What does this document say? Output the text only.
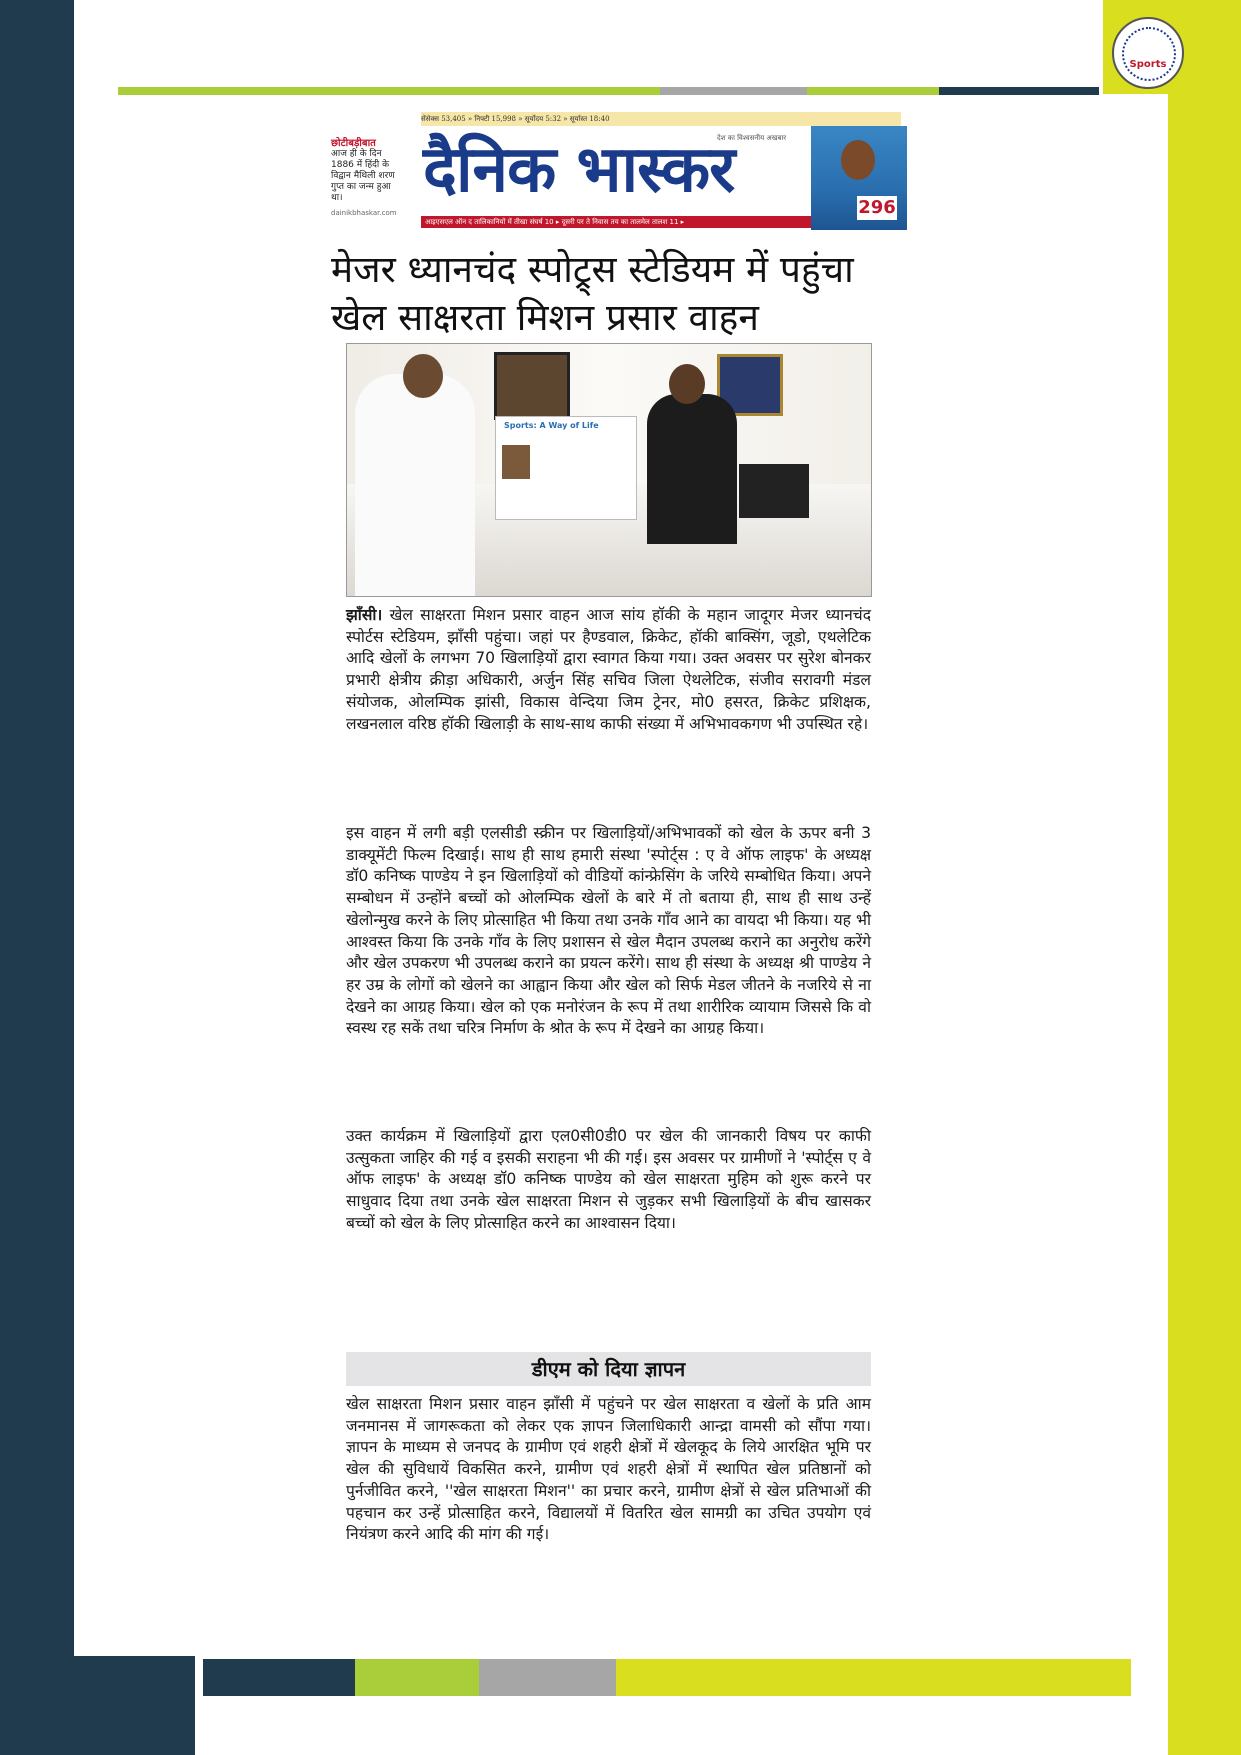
Sports
सेंसेक्स 53,405 » निफ्टी 15,998 » सूर्योदय 5:32 » सूर्यास्त 18:40
छोटीबड़ीबात
आज ही के दिन 1886 में हिंदी के विद्वान मैथिली शरण गुप्त का जन्म हुआ था।
dainikbhaskar.com
दैनिक भास्कर
देश का विश्वसनीय अखबार
आइएसएल ऑन द तालिकानियों में तीखा संघर्ष 10 ▸ दूसरी पर ते निवास तय का तालमेल तालश 11 ▸
296
मेजर ध्यानचंद स्पोट्र्स स्टेडियम में पहुंचा
खेल साक्षरता मिशन प्रसार वाहन
Sports: A Way of Life

झाँसी। खेल साक्षरता मिशन प्रसार वाहन आज सांय हॉकी के महान जादूगर मेजर ध्यानचंद स्पोर्टस स्टेडियम, झाँसी पहुंचा। जहां पर हैण्डवाल, क्रिकेट, हॉकी बाक्सिंग, जूडो, एथलेटिक आदि खेलों के लगभग 70 खिलाड़ियों द्वारा स्वागत किया गया। उक्त अवसर पर सुरेश बोनकर प्रभारी क्षेत्रीय क्रीड़ा अधिकारी, अर्जुन सिंह सचिव जिला ऐथलेटिक, संजीव सरावगी मंडल संयोजक, ओलम्पिक झांसी, विकास वेन्दिया जिम ट्रेनर, मो0 हसरत, क्रिकेट प्रशिक्षक, लखनलाल वरिष्ठ हॉकी खिलाड़ी के साथ-साथ काफी संख्या में अभिभावकगण भी उपस्थित रहे।

इस वाहन में लगी बड़ी एलसीडी स्क्रीन पर खिलाड़ियों/अभिभावकों को खेल के ऊपर बनी 3 डाक्यूमेंटी फिल्म दिखाई। साथ ही साथ हमारी संस्था 'स्पोर्ट्स : ए वे ऑफ लाइफ' के अध्यक्ष डॉ0 कनिष्क पाण्डेय ने इन खिलाड़ियों को वीडियों कांन्फ्रेसिंग के जरिये सम्बोधित किया। अपने सम्बोधन में उन्होंने बच्चों को ओलम्पिक खेलों के बारे में तो बताया ही, साथ ही साथ उन्हें खेलोन्मुख करने के लिए प्रोत्साहित भी किया तथा उनके गाँव आने का वायदा भी किया। यह भी आश्वस्त किया कि उनके गाँव के लिए प्रशासन से खेल मैदान उपलब्ध कराने का अनुरोध करेंगे और खेल उपकरण भी उपलब्ध कराने का प्रयत्न करेंगे। साथ ही संस्था के अध्यक्ष श्री पाण्डेय ने हर उम्र के लोगों को खेलने का आह्वान किया और खेल को सिर्फ मेडल जीतने के नजरिये से ना देखने का आग्रह किया। खेल को एक मनोरंजन के रूप में तथा शारीरिक व्यायाम जिससे कि वो स्वस्थ रह सकें तथा चरित्र निर्माण के श्रोत के रूप में देखने का आग्रह किया।

उक्त कार्यक्रम में खिलाड़ियों द्वारा एल0सी0डी0 पर खेल की जानकारी विषय पर काफी उत्सुकता जाहिर की गई व इसकी सराहना भी की गई। इस अवसर पर ग्रामीणों ने 'स्पोर्ट्स ए वे ऑफ लाइफ' के अध्यक्ष डॉ0 कनिष्क पाण्डेय को खेल साक्षरता मुहिम को शुरू करने पर साधुवाद दिया तथा उनके खेल साक्षरता मिशन से जुड़कर सभी खिलाड़ियों के बीच खासकर बच्चों को खेल के लिए प्रोत्साहित करने का आश्वासन दिया।

डीएम को दिया ज्ञापन

खेल साक्षरता मिशन प्रसार वाहन झाँसी में पहुंचने पर खेल साक्षरता व खेलों के प्रति आम जनमानस में जागरूकता को लेकर एक ज्ञापन जिलाधिकारी आन्द्रा वामसी को सौंपा गया। ज्ञापन के माध्यम से जनपद के ग्रामीण एवं शहरी क्षेत्रों में खेलकूद के लिये आरक्षित भूमि पर खेल की सुविधायें विकसित करने, ग्रामीण एवं शहरी क्षेत्रों में स्थापित खेल प्रतिष्ठानों को पुर्नजीवित करने, ''खेल साक्षरता मिशन'' का प्रचार करने, ग्रामीण क्षेत्रों से खेल प्रतिभाओं की पहचान कर उन्हें प्रोत्साहित करने, विद्यालयों में वितरित खेल सामग्री का उचित उपयोग एवं नियंत्रण करने आदि की मांग की गई।
